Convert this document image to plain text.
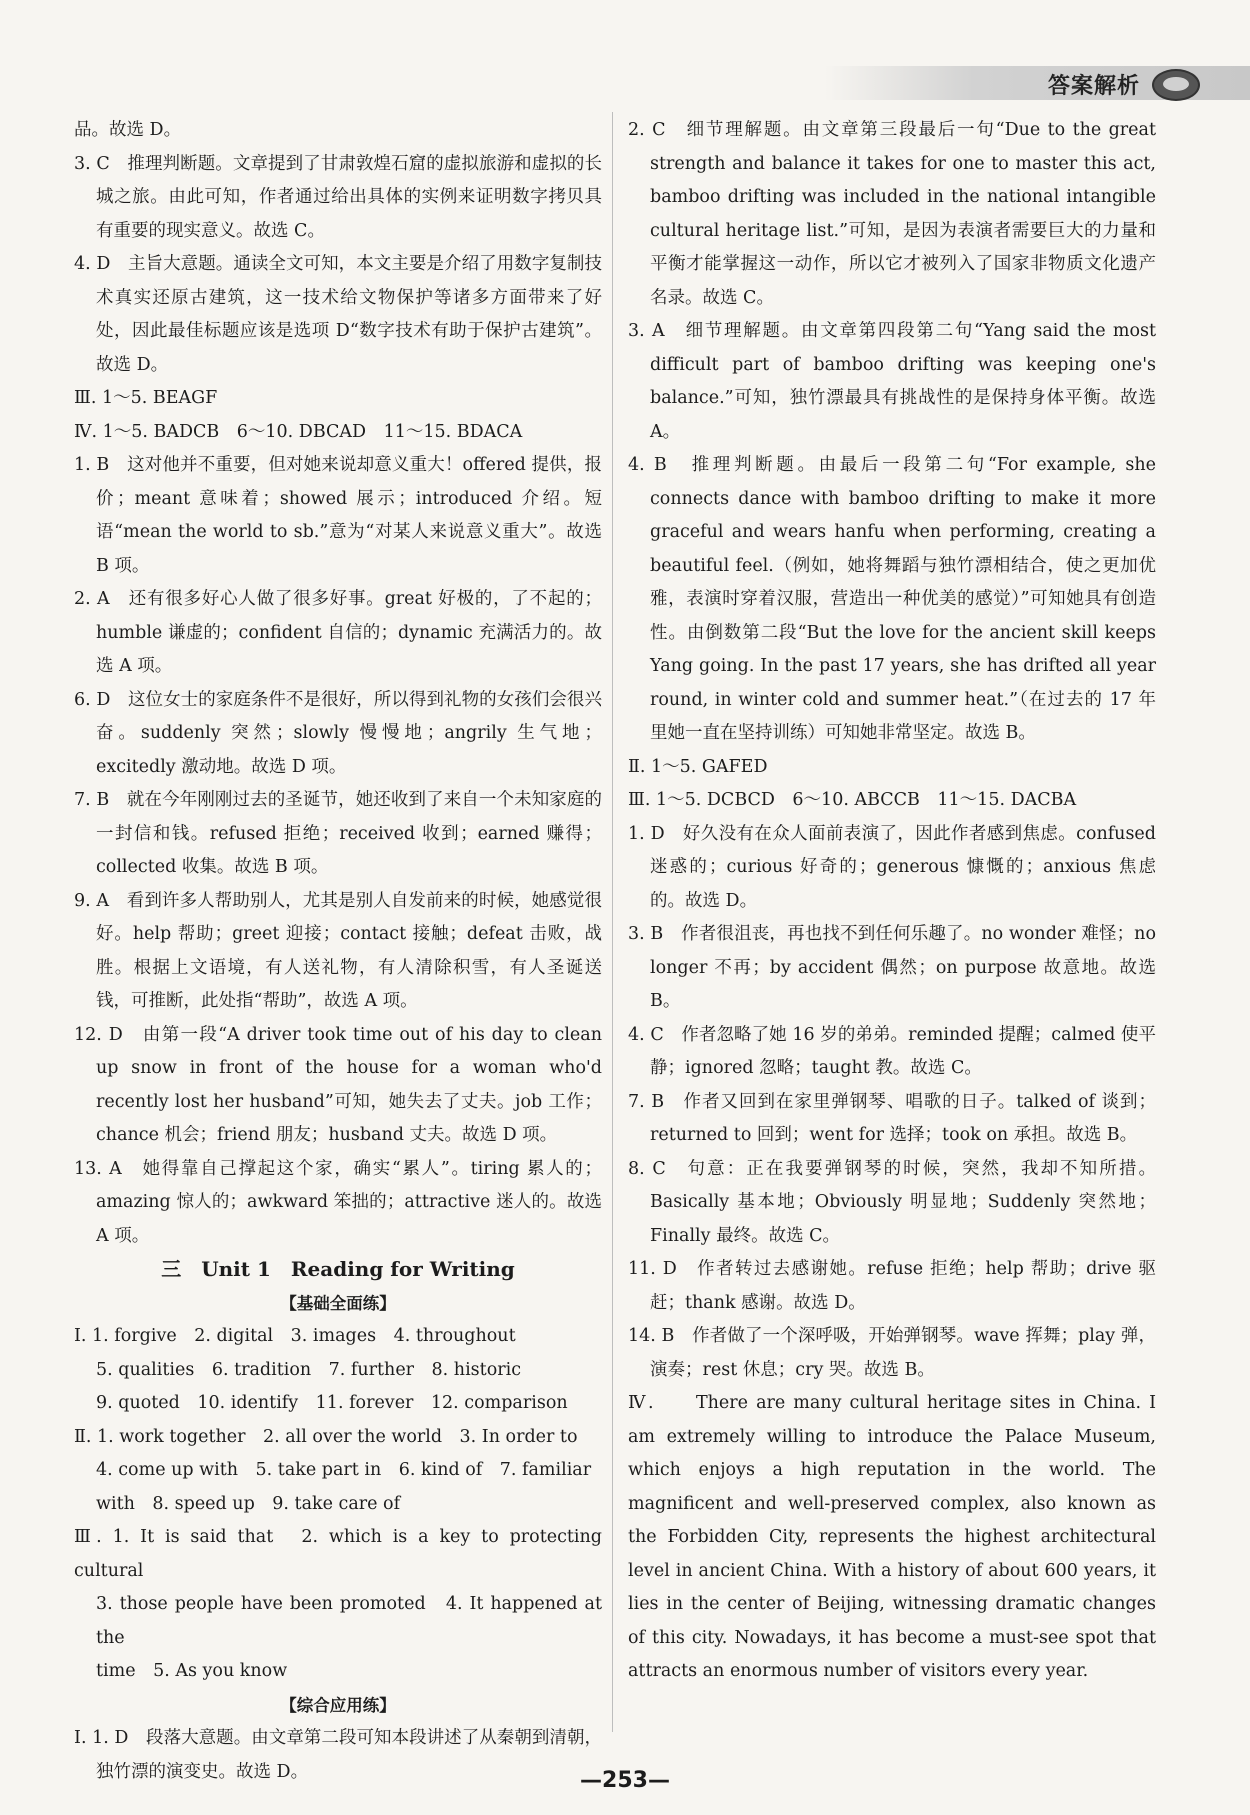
答案解析

品。故选 D。

3. C　推理判断题。文章提到了甘肃敦煌石窟的虚拟旅游和虚拟的长城之旅。由此可知，作者通过给出具体的实例来证明数字拷贝具有重要的现实意义。故选 C。

4. D　主旨大意题。通读全文可知，本文主要是介绍了用数字复制技术真实还原古建筑，这一技术给文物保护等诸多方面带来了好处，因此最佳标题应该是选项 D“数字技术有助于保护古建筑”。故选 D。

Ⅲ. 1～5. BEAGF

Ⅳ. 1～5. BADCB　6～10. DBCAD　11～15. BDACA

1. B　这对他并不重要，但对她来说却意义重大！offered 提供，报价；meant 意味着；showed 展示；introduced 介绍。短语“mean the world to sb.”意为“对某人来说意义重大”。故选 B 项。

2. A　还有很多好心人做了很多好事。great 好极的，了不起的；humble 谦虚的；confident 自信的；dynamic 充满活力的。故选 A 项。

6. D　这位女士的家庭条件不是很好，所以得到礼物的女孩们会很兴奋。suddenly 突然；slowly 慢慢地；angrily 生气地；excitedly 激动地。故选 D 项。

7. B　就在今年刚刚过去的圣诞节，她还收到了来自一个未知家庭的一封信和钱。refused 拒绝；received 收到；earned 赚得；collected 收集。故选 B 项。

9. A　看到许多人帮助别人，尤其是别人自发前来的时候，她感觉很好。help 帮助；greet 迎接；contact 接触；defeat 击败，战胜。根据上文语境，有人送礼物，有人清除积雪，有人圣诞送钱，可推断，此处指“帮助”，故选 A 项。

12. D　由第一段“A driver took time out of his day to clean up snow in front of the house for a woman who'd recently lost her husband”可知，她失去了丈夫。job 工作；chance 机会；friend 朋友；husband 丈夫。故选 D 项。

13. A　她得靠自己撑起这个家，确实“累人”。tiring 累人的；amazing 惊人的；awkward 笨拙的；attractive 迷人的。故选 A 项。

三　Unit 1　Reading for Writing

【基础全面练】

Ⅰ. 1. forgive　2. digital　3. images　4. throughout

5. qualities　6. tradition　7. further　8. historic

9. quoted　10. identify　11. forever　12. comparison

Ⅱ. 1. work together　2. all over the world　3. In order to

4. come up with　5. take part in　6. kind of　7. familiar

with　8. speed up　9. take care of

Ⅲ. 1. It is said that　2. which is a key to protecting cultural

3. those people have been promoted　4. It happened at the

time　5. As you know

【综合应用练】

Ⅰ. 1. D　段落大意题。由文章第二段可知本段讲述了从秦朝到清朝，独竹漂的演变史。故选 D。

2. C　细节理解题。由文章第三段最后一句“Due to the great strength and balance it takes for one to master this act, bamboo drifting was included in the national intangible cultural heritage list.”可知，是因为表演者需要巨大的力量和平衡才能掌握这一动作，所以它才被列入了国家非物质文化遗产名录。故选 C。

3. A　细节理解题。由文章第四段第二句“Yang said the most difficult part of bamboo drifting was keeping one's balance.”可知，独竹漂最具有挑战性的是保持身体平衡。故选 A。

4. B　推理判断题。由最后一段第二句“For example, she connects dance with bamboo drifting to make it more graceful and wears hanfu when performing, creating a beautiful feel.（例如，她将舞蹈与独竹漂相结合，使之更加优雅，表演时穿着汉服，营造出一种优美的感觉）”可知她具有创造性。由倒数第二段“But the love for the ancient skill keeps Yang going. In the past 17 years, she has drifted all year round, in winter cold and summer heat.”（在过去的 17 年里她一直在坚持训练）可知她非常坚定。故选 B。

Ⅱ. 1～5. GAFED

Ⅲ. 1～5. DCBCD　6～10. ABCCB　11～15. DACBA

1. D　好久没有在众人面前表演了，因此作者感到焦虑。confused 迷惑的；curious 好奇的；generous 慷慨的；anxious 焦虑的。故选 D。

3. B　作者很沮丧，再也找不到任何乐趣了。no wonder 难怪；no longer 不再；by accident 偶然；on purpose 故意地。故选 B。

4. C　作者忽略了她 16 岁的弟弟。reminded 提醒；calmed 使平静；ignored 忽略；taught 教。故选 C。

7. B　作者又回到在家里弹钢琴、唱歌的日子。talked of 谈到；returned to 回到；went for 选择；took on 承担。故选 B。

8. C　句意：正在我要弹钢琴的时候，突然，我却不知所措。Basically 基本地；Obviously 明显地；Suddenly 突然地；Finally 最终。故选 C。

11. D　作者转过去感谢她。refuse 拒绝；help 帮助；drive 驱赶；thank 感谢。故选 D。

14. B　作者做了一个深呼吸，开始弹钢琴。wave 挥舞；play 弹，演奏；rest 休息；cry 哭。故选 B。

Ⅳ.　　There are many cultural heritage sites in China. I am extremely willing to introduce the Palace Museum, which enjoys a high reputation in the world. The magnificent and well-preserved complex, also known as the Forbidden City, represents the highest architectural level in ancient China. With a history of about 600 years, it lies in the center of Beijing, witnessing dramatic changes of this city. Nowadays, it has become a must-see spot that attracts an enormous number of visitors every year.

—253—
